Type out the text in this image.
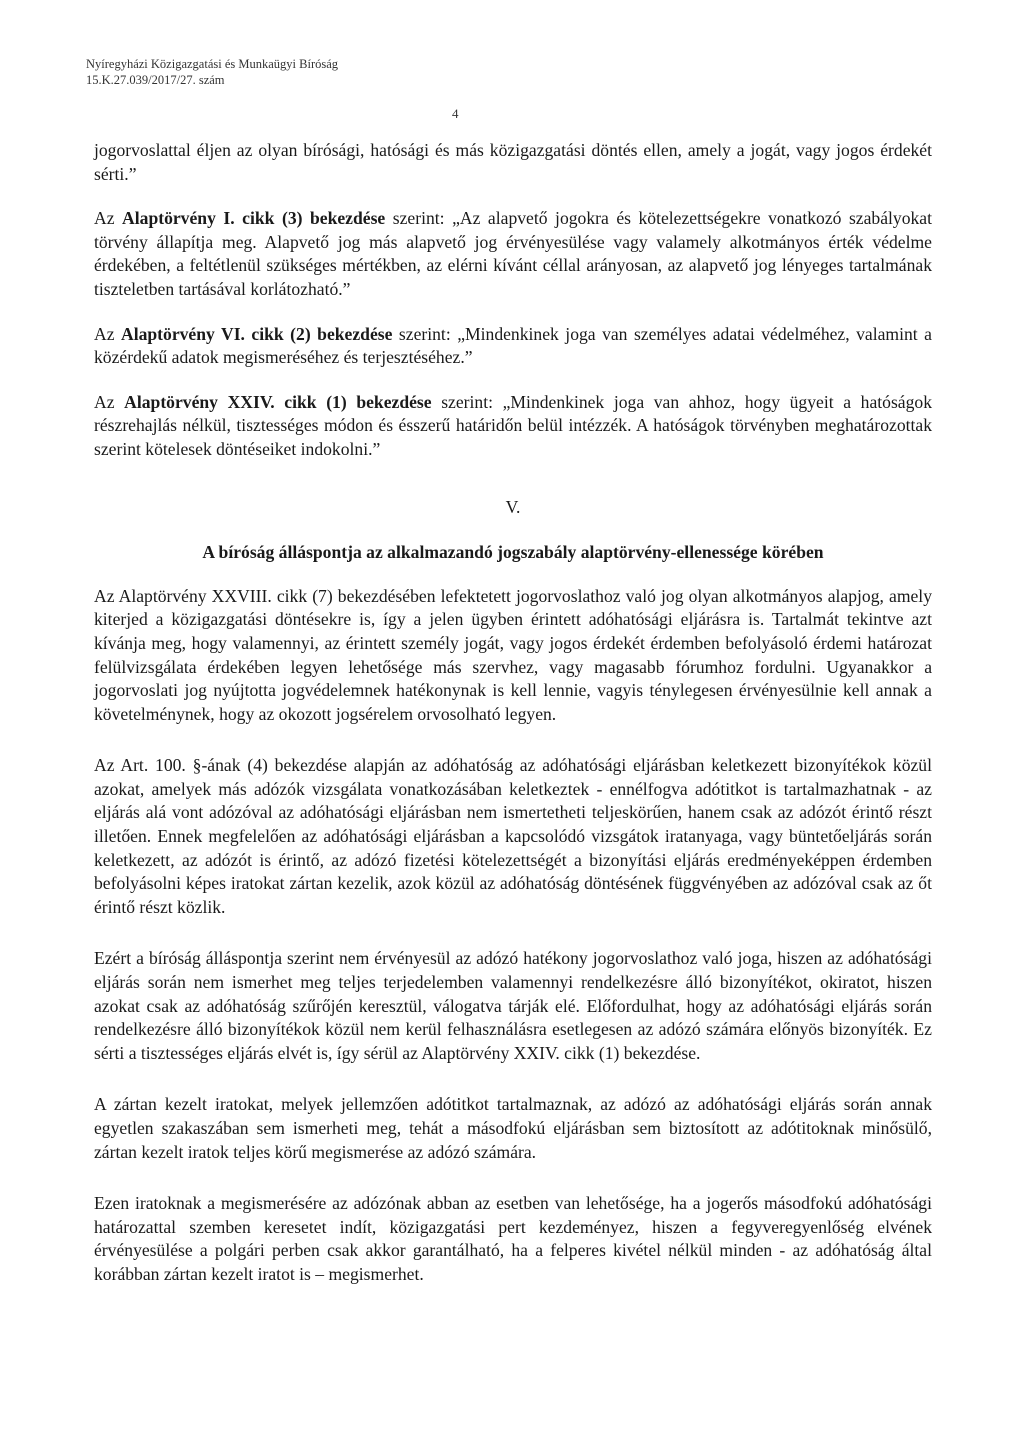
Nyíregyházi Közigazgatási és Munkaügyi Bíróság
15.K.27.039/2017/27. szám
4

jogorvoslattal éljen az olyan bírósági, hatósági és más közigazgatási döntés ellen, amely a jogát, vagy jogos érdekét sérti.”

Az Alaptörvény I. cikk (3) bekezdése szerint: „Az alapvető jogokra és kötelezettségekre vonatkozó szabályokat törvény állapítja meg. Alapvető jog más alapvető jog érvényesülése vagy valamely alkotmányos érték védelme érdekében, a feltétlenül szükséges mértékben, az elérni kívánt céllal arányosan, az alapvető jog lényeges tartalmának tiszteletben tartásával korlátozható.”

Az Alaptörvény VI. cikk (2) bekezdése szerint: „Mindenkinek joga van személyes adatai védelméhez, valamint a közérdekű adatok megismeréséhez és terjesztéséhez.”

Az Alaptörvény XXIV. cikk (1) bekezdése szerint: „Mindenkinek joga van ahhoz, hogy ügyeit a hatóságok részrehajlás nélkül, tisztességes módon és ésszerű határidőn belül intézzék. A hatóságok törvényben meghatározottak szerint kötelesek döntéseiket indokolni.”

V.

A bíróság álláspontja az alkalmazandó jogszabály alaptörvény-ellenessége körében

Az Alaptörvény XXVIII. cikk (7) bekezdésében lefektetett jogorvoslathoz való jog olyan alkotmányos alapjog, amely kiterjed a közigazgatási döntésekre is, így a jelen ügyben érintett adóhatósági eljárásra is. Tartalmát tekintve azt kívánja meg, hogy valamennyi, az érintett személy jogát, vagy jogos érdekét érdemben befolyásoló érdemi határozat felülvizsgálata érdekében legyen lehetősége más szervhez, vagy magasabb fórumhoz fordulni. Ugyanakkor a jogorvoslati jog nyújtotta jogvédelemnek hatékonynak is kell lennie, vagyis ténylegesen érvényesülnie kell annak a követelménynek, hogy az okozott jogsérelem orvosolható legyen.

Az Art. 100. §-ának (4) bekezdése alapján az adóhatóság az adóhatósági eljárásban keletkezett bizonyítékok közül azokat, amelyek más adózók vizsgálata vonatkozásában keletkeztek - ennélfogva adótitkot is tartalmazhatnak - az eljárás alá vont adózóval az adóhatósági eljárásban nem ismertetheti teljeskörűen, hanem csak az adózót érintő részt illetően. Ennek megfelelően az adóhatósági eljárásban a kapcsolódó vizsgátok iratanyaga, vagy büntetőeljárás során keletkezett, az adózót is érintő, az adózó fizetési kötelezettségét a bizonyítási eljárás eredményeképpen érdemben befolyásolni képes iratokat zártan kezelik, azok közül az adóhatóság döntésének függvényében az adózóval csak az őt érintő részt közlik.

Ezért a bíróság álláspontja szerint nem érvényesül az adózó hatékony jogorvoslathoz való joga, hiszen az adóhatósági eljárás során nem ismerhet meg teljes terjedelemben valamennyi rendelkezésre álló bizonyítékot, okiratot, hiszen azokat csak az adóhatóság szűrőjén keresztül, válogatva tárják elé. Előfordulhat, hogy az adóhatósági eljárás során rendelkezésre álló bizonyítékok közül nem kerül felhasználásra esetlegesen az adózó számára előnyös bizonyíték. Ez sérti a tisztességes eljárás elvét is, így sérül az Alaptörvény XXIV. cikk (1) bekezdése.

A zártan kezelt iratokat, melyek jellemzően adótitkot tartalmaznak, az adózó az adóhatósági eljárás során annak egyetlen szakaszában sem ismerheti meg, tehát a másodfokú eljárásban sem biztosított az adótitoknak minősülő, zártan kezelt iratok teljes körű megismerése az adózó számára.

Ezen iratoknak a megismerésére az adózónak abban az esetben van lehetősége, ha a jogerős másodfokú adóhatósági határozattal szemben keresetet indít, közigazgatási pert kezdeményez, hiszen a fegyveregyenlőség elvének érvényesülése a polgári perben csak akkor garantálható, ha a felperes kivétel nélkül minden - az adóhatóság által korábban zártan kezelt iratot is – megismerhet.
